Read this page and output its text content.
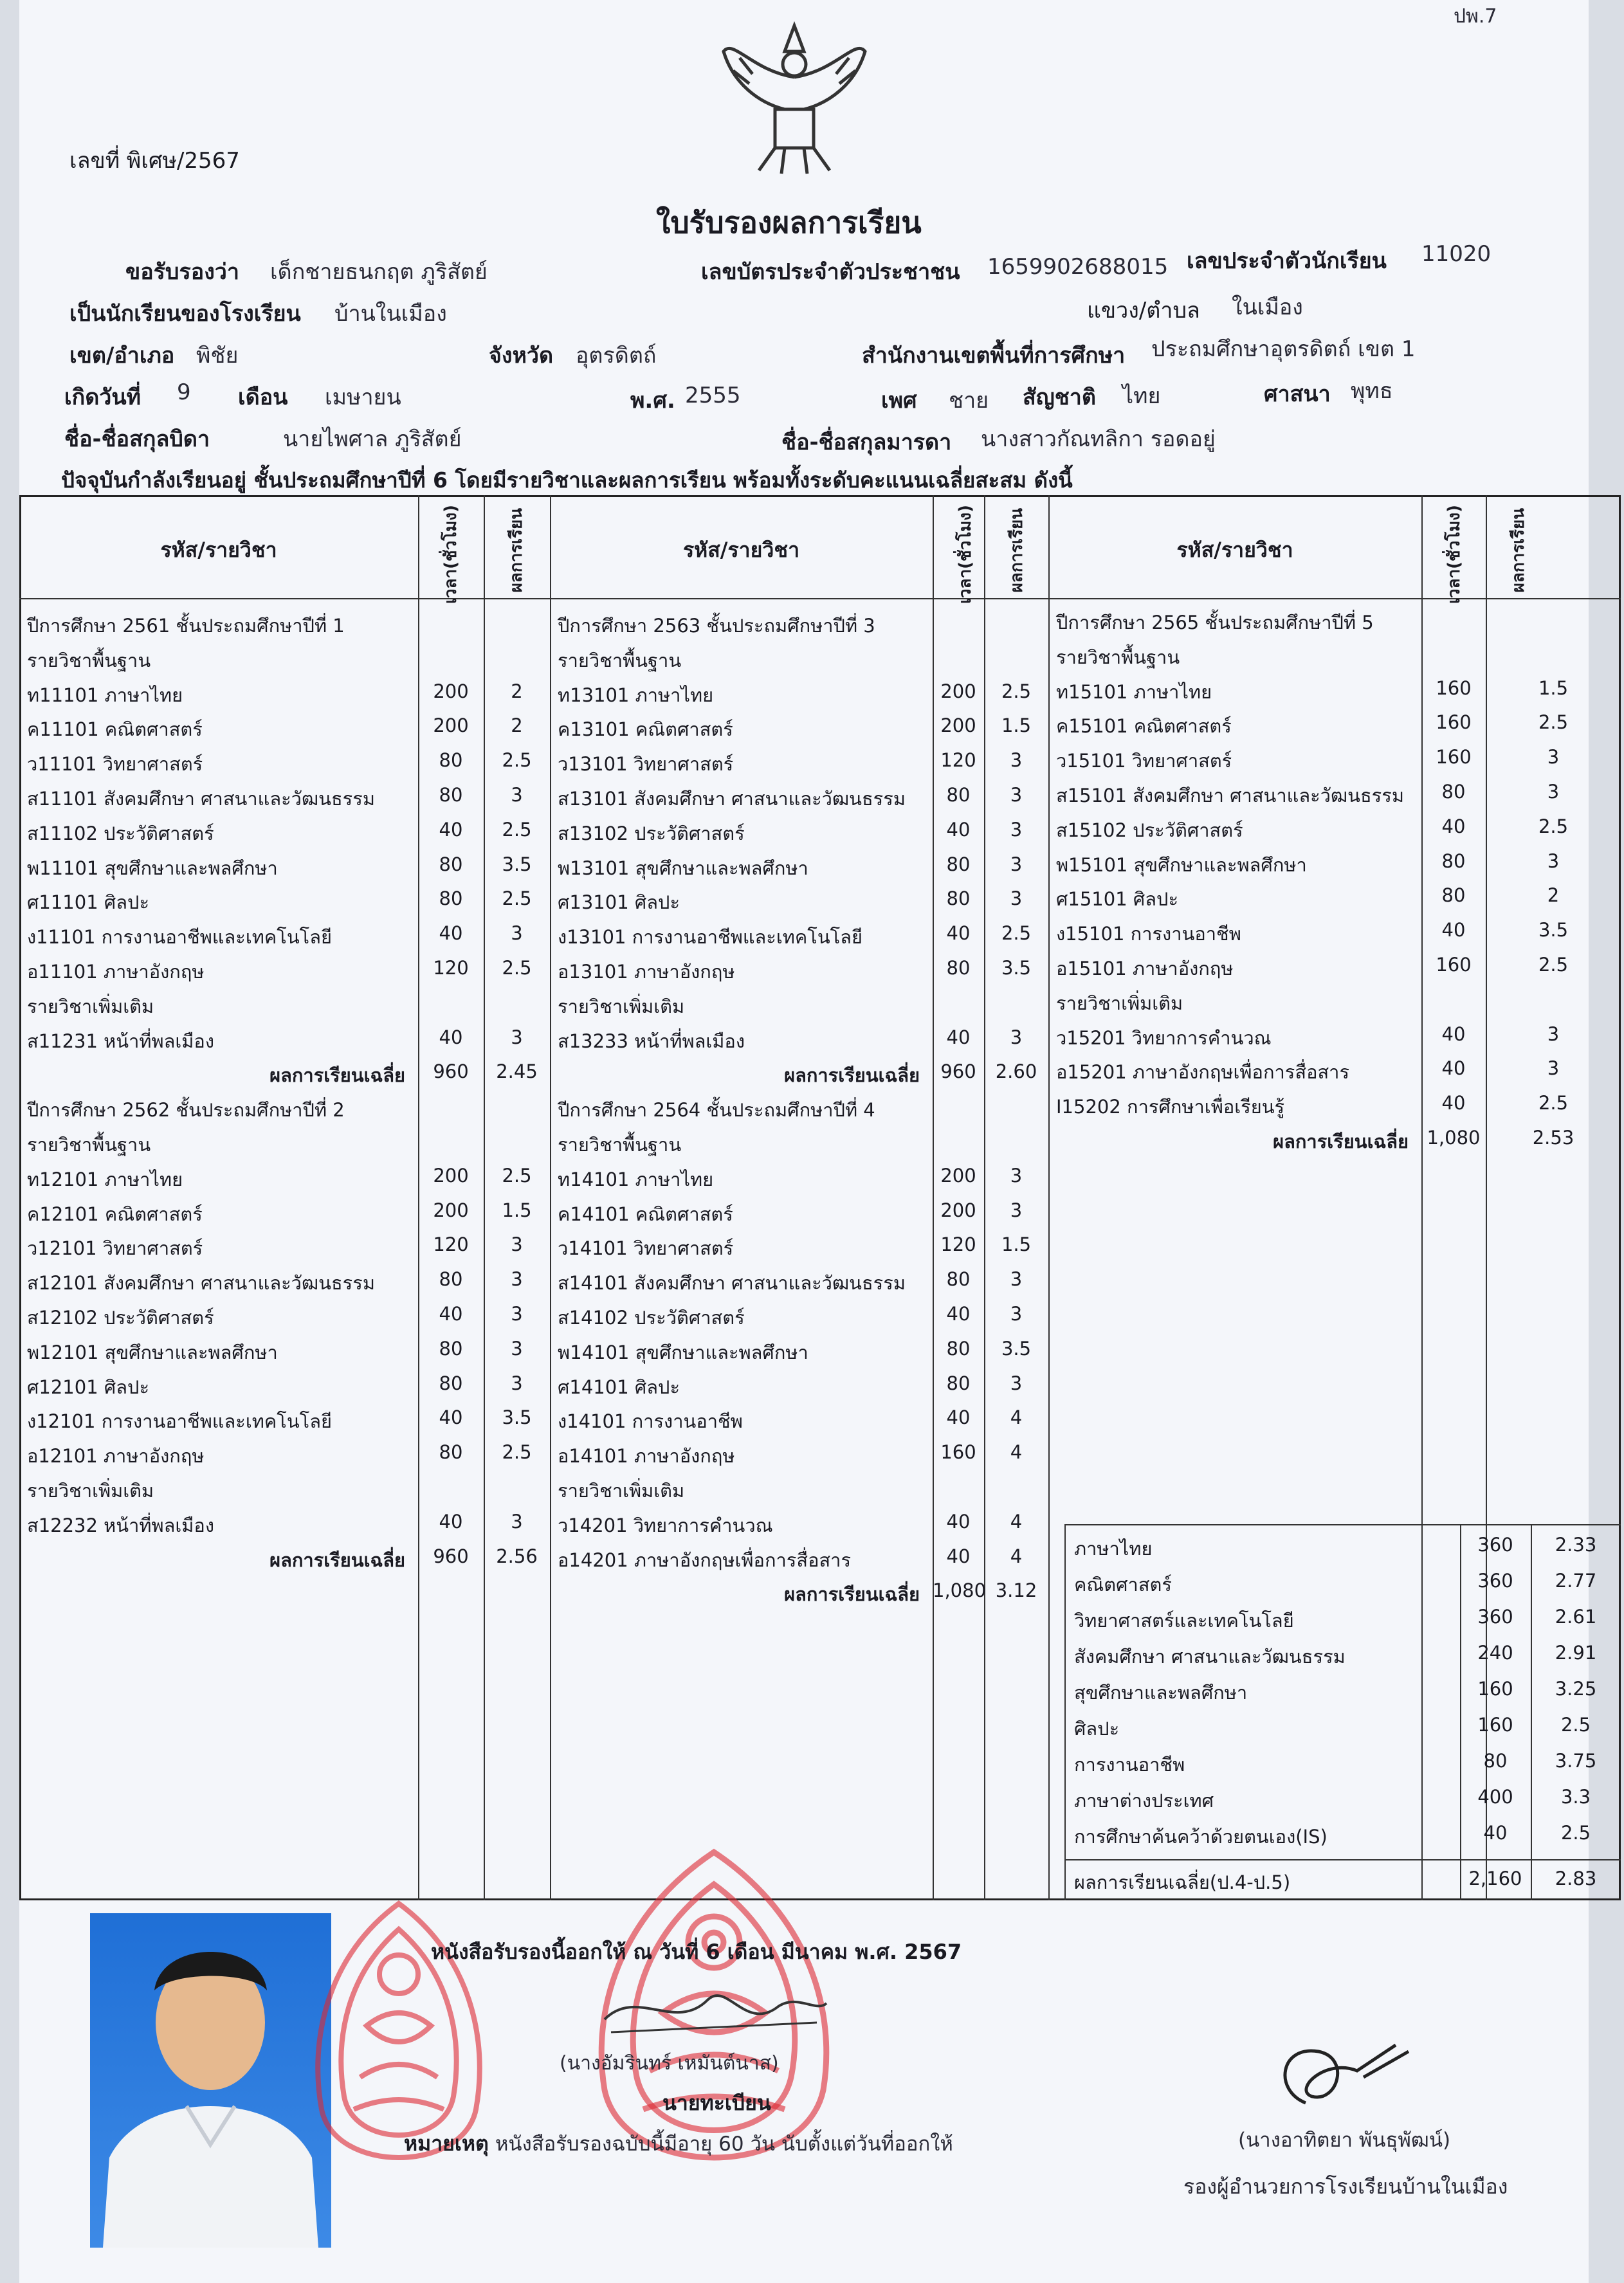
ปพ.7
เลขที่ พิเศษ/2567
ใบรับรองผลการเรียน
ขอรับรองว่า เด็กชายธนกฤต ภูริสัตย์	เลขบัตรประจำตัวประชาชน 1659902688015 เลขประจำตัวนักเรียน 11020
เป็นนักเรียนของโรงเรียน บ้านในเมือง	แขวง/ตำบล ในเมือง
เขต/อำเภอ พิชัย	จังหวัด อุตรดิตถ์	สำนักงานเขตพื้นที่การศึกษา ประถมศึกษาอุตรดิตถ์ เขต 1
เกิดวันที่ 9 เดือน เมษายน	พ.ศ. 2555	เพศ ชาย สัญชาติ ไทย	ศาสนา พุทธ
ชื่อ-ชื่อสกุลบิดา	นายไพศาล ภูริสัตย์	ชื่อ-ชื่อสกุลมารดา นางสาวกัณทลิกา รอดอยู่
ปัจจุบันกำลังเรียนอยู่ ชั้นประถมศึกษาปีที่ 6 โดยมีรายวิชาและผลการเรียน พร้อมทั้งระดับคะแนนเฉลี่ยสะสม ดังนี้
รหัส/รายวิชา	เวลา(ชั่วโมง)	ผลการเรียน	รหัส/รายวิชา	เวลา(ชั่วโมง) ผลการเรียน	รหัส/รายวิชา	เวลา(ชั่วโมง)	ผลการเรียน
ปีการศึกษา 2561 ชั้นประถมศึกษาปีที่ 1
รายวิชาพื้นฐาน
ท11101 ภาษาไทย	200	2
ค11101 คณิตศาสตร์	200	2
ว11101 วิทยาศาสตร์	80	2.5
ส11101 สังคมศึกษา ศาสนาและวัฒนธรรม	80	3
ส11102 ประวัติศาสตร์	40	2.5
พ11101 สุขศึกษาและพลศึกษา	80	3.5
ศ11101 ศิลปะ	80	2.5
ง11101 การงานอาชีพและเทคโนโลยี	40	3
อ11101 ภาษาอังกฤษ	120	2.5
รายวิชาเพิ่มเติม
ส11231 หน้าที่พลเมือง	40	3
ผลการเรียนเฉลี่ย	960	2.45
ปีการศึกษา 2562 ชั้นประถมศึกษาปีที่ 2
รายวิชาพื้นฐาน
ท12101 ภาษาไทย	200	2.5
ค12101 คณิตศาสตร์	200	1.5
ว12101 วิทยาศาสตร์	120	3
ส12101 สังคมศึกษา ศาสนาและวัฒนธรรม	80	3
ส12102 ประวัติศาสตร์	40	3
พ12101 สุขศึกษาและพลศึกษา	80	3
ศ12101 ศิลปะ	80	3
ง12101 การงานอาชีพและเทคโนโลยี	40	3.5
อ12101 ภาษาอังกฤษ	80	2.5
รายวิชาเพิ่มเติม
ส12232 หน้าที่พลเมือง	40	3
ผลการเรียนเฉลี่ย	960	2.56
ปีการศึกษา 2563 ชั้นประถมศึกษาปีที่ 3
รายวิชาพื้นฐาน
ท13101 ภาษาไทย	200	2.5
ค13101 คณิตศาสตร์	200	1.5
ว13101 วิทยาศาสตร์	120	3
ส13101 สังคมศึกษา ศาสนาและวัฒนธรรม	80	3
ส13102 ประวัติศาสตร์	40	3
พ13101 สุขศึกษาและพลศึกษา	80	3
ศ13101 ศิลปะ	80	3
ง13101 การงานอาชีพและเทคโนโลยี	40	2.5
อ13101 ภาษาอังกฤษ	80	3.5
รายวิชาเพิ่มเติม
ส13233 หน้าที่พลเมือง	40	3
ผลการเรียนเฉลี่ย	960	2.60
ปีการศึกษา 2564 ชั้นประถมศึกษาปีที่ 4
รายวิชาพื้นฐาน
ท14101 ภาษาไทย	200	3
ค14101 คณิตศาสตร์	200	3
ว14101 วิทยาศาสตร์	120	1.5
ส14101 สังคมศึกษา ศาสนาและวัฒนธรรม	80	3
ส14102 ประวัติศาสตร์	40	3
พ14101 สุขศึกษาและพลศึกษา	80	3.5
ศ14101 ศิลปะ	80	3
ง14101 การงานอาชีพ	40	4
อ14101 ภาษาอังกฤษ	160	4
รายวิชาเพิ่มเติม
ว14201 วิทยาการคำนวณ	40	4
อ14201 ภาษาอังกฤษเพื่อการสื่อสาร	40	4
ผลการเรียนเฉลี่ย 1,080 3.12
ปีการศึกษา 2565 ชั้นประถมศึกษาปีที่ 5
รายวิชาพื้นฐาน
ท15101 ภาษาไทย	160	1.5
ค15101 คณิตศาสตร์	160	2.5
ว15101 วิทยาศาสตร์	160	3
ส15101 สังคมศึกษา ศาสนาและวัฒนธรรม	80	3
ส15102 ประวัติศาสตร์	40	2.5
พ15101 สุขศึกษาและพลศึกษา	80	3
ศ15101 ศิลปะ	80	2
ง15101 การงานอาชีพ	40	3.5
อ15101 ภาษาอังกฤษ	160	2.5
รายวิชาเพิ่มเติม
ว15201 วิทยาการคำนวณ	40	3
อ15201 ภาษาอังกฤษเพื่อการสื่อสาร	40	3
I15202 การศึกษาเพื่อเรียนรู้	40	2.5
ผลการเรียนเฉลี่ย 1,080	2.53
ภาษาไทย	360	2.33
คณิตศาสตร์	360	2.77
วิทยาศาสตร์และเทคโนโลยี	360	2.61
สังคมศึกษา ศาสนาและวัฒนธรรม	240	2.91
สุขศึกษาและพลศึกษา	160	3.25
ศิลปะ	160	2.5
การงานอาชีพ	80	3.75
ภาษาต่างประเทศ	400	3.3
การศึกษาค้นคว้าด้วยตนเอง(IS)	40	2.5
ผลการเรียนเฉลี่ย(ป.4-ป.5)	2,160	2.83
หนังสือรับรองนี้ออกให้ ณ วันที่ 6 เดือน มีนาคม พ.ศ. 2567
(นางอัมรินทร์ เหมันต์นาส)
นายทะเบียน
หมายเหตุ หนังสือรับรองฉบับนี้มีอายุ 60 วัน นับตั้งแต่วันที่ออกให้	(นางอาทิตยา พันธุพัฒน์)
รองผู้อำนวยการโรงเรียนบ้านในเมือง
